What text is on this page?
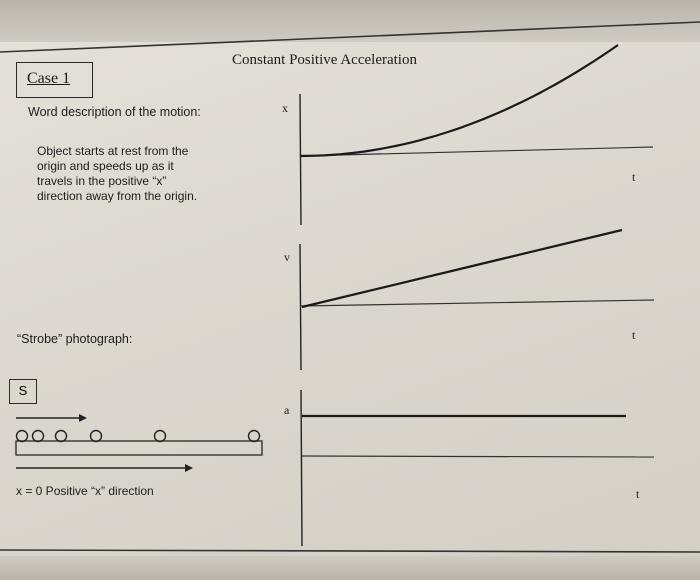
Case 1
Constant Positive Acceleration
Word description of the motion:
Object starts at rest from the
origin and speeds up as it
travels in the positive “x”
direction away from the origin.
“Strobe” photograph:
S
x = 0 Positive “x” direction
x
t
v
t
a
t
